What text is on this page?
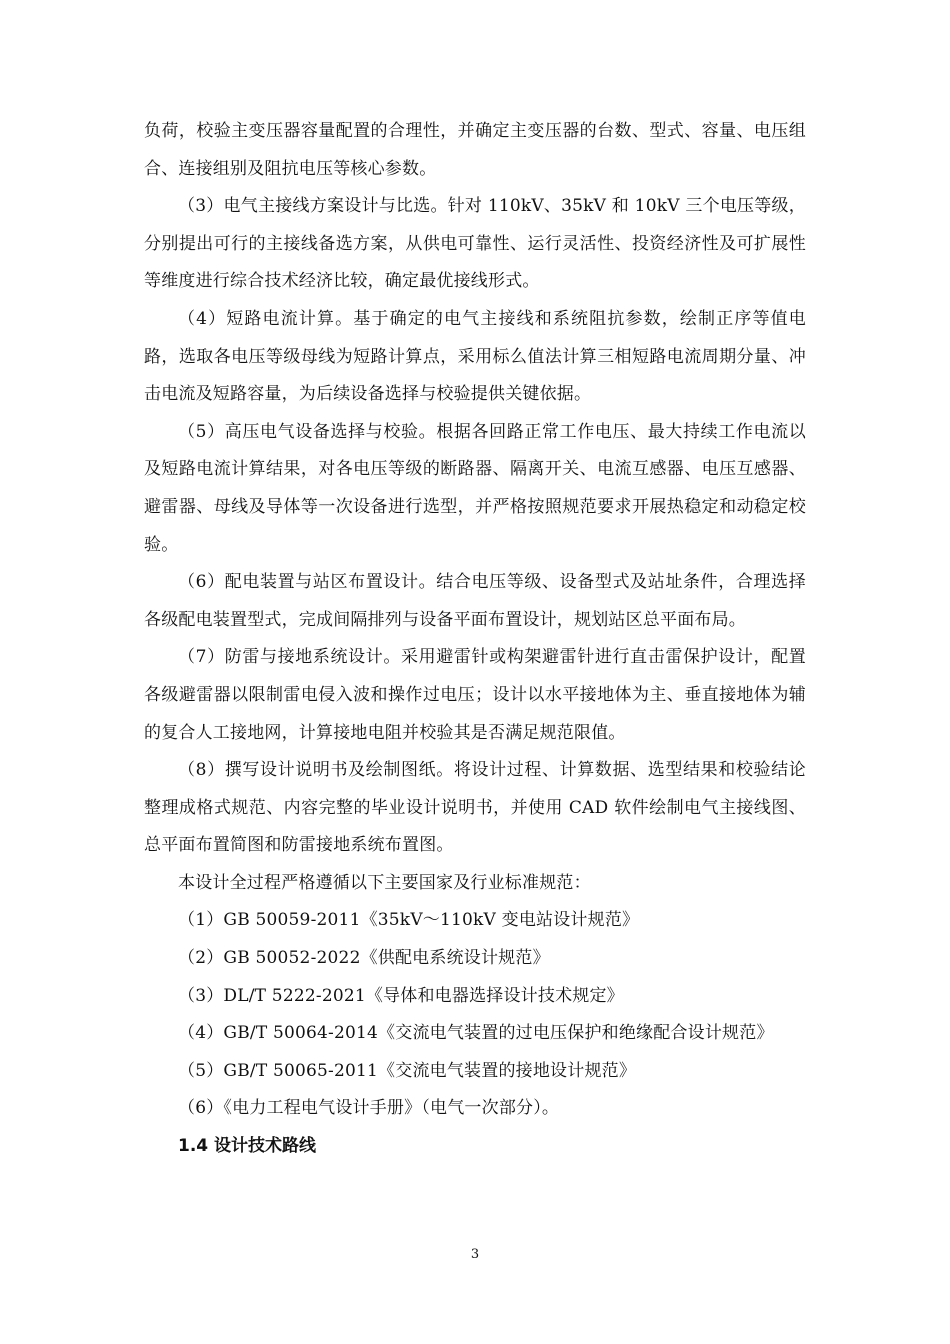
负荷，校验主变压器容量配置的合理性，并确定主变压器的台数、型式、容量、电压组合、连接组别及阻抗电压等核心参数。

（3）电气主接线方案设计与比选。针对 110kV、35kV 和 10kV 三个电压等级，分别提出可行的主接线备选方案，从供电可靠性、运行灵活性、投资经济性及可扩展性等维度进行综合技术经济比较，确定最优接线形式。

（4）短路电流计算。基于确定的电气主接线和系统阻抗参数，绘制正序等值电路，选取各电压等级母线为短路计算点，采用标么值法计算三相短路电流周期分量、冲击电流及短路容量，为后续设备选择与校验提供关键依据。

（5）高压电气设备选择与校验。根据各回路正常工作电压、最大持续工作电流以及短路电流计算结果，对各电压等级的断路器、隔离开关、电流互感器、电压互感器、避雷器、母线及导体等一次设备进行选型，并严格按照规范要求开展热稳定和动稳定校验。

（6）配电装置与站区布置设计。结合电压等级、设备型式及站址条件，合理选择各级配电装置型式，完成间隔排列与设备平面布置设计，规划站区总平面布局。

（7）防雷与接地系统设计。采用避雷针或构架避雷针进行直击雷保护设计，配置各级避雷器以限制雷电侵入波和操作过电压；设计以水平接地体为主、垂直接地体为辅的复合人工接地网，计算接地电阻并校验其是否满足规范限值。

（8）撰写设计说明书及绘制图纸。将设计过程、计算数据、选型结果和校验结论整理成格式规范、内容完整的毕业设计说明书，并使用 CAD 软件绘制电气主接线图、总平面布置简图和防雷接地系统布置图。

本设计全过程严格遵循以下主要国家及行业标准规范：

（1）GB 50059-2011《35kV～110kV 变电站设计规范》

（2）GB 50052-2022《供配电系统设计规范》

（3）DL/T 5222-2021《导体和电器选择设计技术规定》

（4）GB/T 50064-2014《交流电气装置的过电压保护和绝缘配合设计规范》

（5）GB/T 50065-2011《交流电气装置的接地设计规范》

（6）《电力工程电气设计手册》（电气一次部分）。

1.4 设计技术路线

3
